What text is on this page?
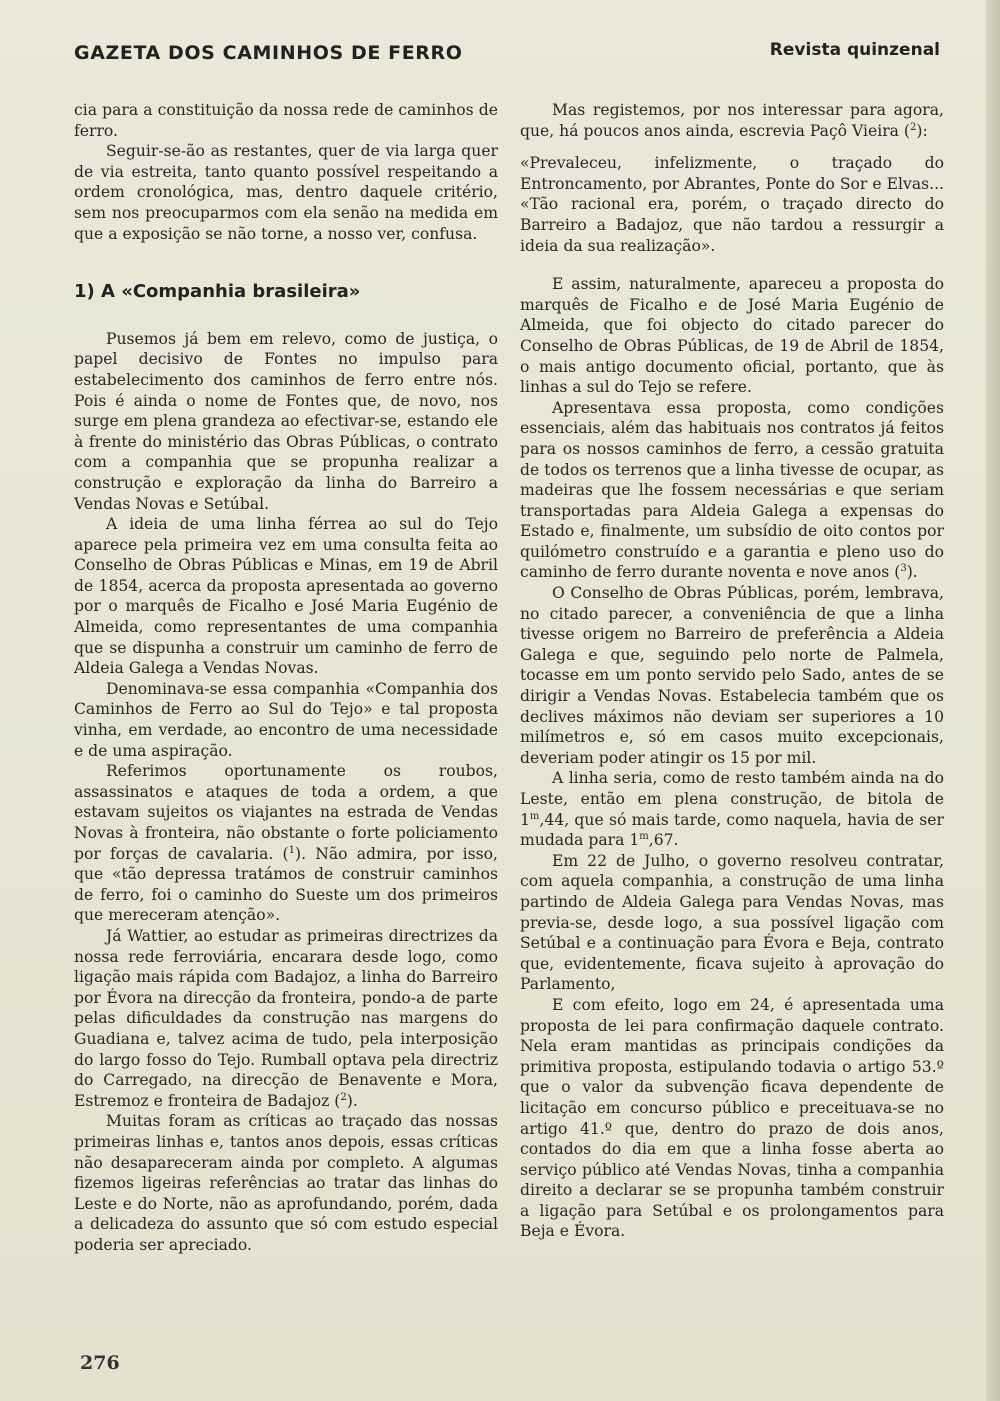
GAZETA DOS CAMINHOS DE FERRO	Revista quinzenal

cia para a constituição da nossa rede de caminhos de ferro.

Seguir-se-ão as restantes, quer de via larga quer de via estreita, tanto quanto possível respeitando a ordem cronológica, mas, dentro daquele critério, sem nos preocuparmos com ela senão na medida em que a exposição se não torne, a nosso ver, confusa.

1) A «Companhia brasileira»

Pusemos já bem em relevo, como de justiça, o papel decisivo de Fontes no impulso para estabelecimento dos caminhos de ferro entre nós. Pois é ainda o nome de Fontes que, de novo, nos surge em plena grandeza ao efectivar-se, estando ele à frente do ministério das Obras Públicas, o contrato com a companhia que se propunha realizar a construção e exploração da linha do Barreiro a Vendas Novas e Setúbal.

A ideia de uma linha férrea ao sul do Tejo aparece pela primeira vez em uma consulta feita ao Conselho de Obras Públicas e Minas, em 19 de Abril de 1854, acerca da proposta apresentada ao governo por o marquês de Ficalho e José Maria Eugénio de Almeida, como representantes de uma companhia que se dispunha a construir um caminho de ferro de Aldeia Galega a Vendas Novas.

Denominava-se essa companhia «Companhia dos Caminhos de Ferro ao Sul do Tejo» e tal proposta vinha, em verdade, ao encontro de uma necessidade e de uma aspiração.

Referimos oportunamente os roubos, assassinatos e ataques de toda a ordem, a que estavam sujeitos os viajantes na estrada de Vendas Novas à fronteira, não obstante o forte policiamento por forças de cavalaria. ($^1$). Não admira, por isso, que «tão depressa tratámos de construir caminhos de ferro, foi o caminho do Sueste um dos primeiros que mereceram atenção».

Já Wattier, ao estudar as primeiras directrizes da nossa rede ferroviária, encarara desde logo, como ligação mais rápida com Badajoz, a linha do Barreiro por Évora na direcção da fronteira, pondo-a de parte pelas dificuldades da construção nas margens do Guadiana e, talvez acima de tudo, pela interposição do largo fosso do Tejo. Rumball optava pela directriz do Carregado, na direcção de Benavente e Mora, Estremoz e fronteira de Badajoz ($^2$).

Muitas foram as críticas ao traçado das nossas primeiras linhas e, tantos anos depois, essas críticas não desapareceram ainda por completo. A algumas fizemos ligeiras referências ao tratar das linhas do Leste e do Norte, não as aprofundando, porém, dada a delicadeza do assunto que só com estudo especial poderia ser apreciado.

Mas registemos, por nos interessar para agora, que, há poucos anos ainda, escrevia Paçô Vieira ($^2$):

«Prevaleceu, infelizmente, o traçado do Entroncamento, por Abrantes, Ponte do Sor e Elvas... «Tão racional era, porém, o traçado directo do Barreiro a Badajoz, que não tardou a ressurgir a ideia da sua realização».

E assim, naturalmente, apareceu a proposta do marquês de Ficalho e de José Maria Eugénio de Almeida, que foi objecto do citado parecer do Conselho de Obras Públicas, de 19 de Abril de 1854, o mais antigo documento oficial, portanto, que às linhas a sul do Tejo se refere.

Apresentava essa proposta, como condições essenciais, além das habituais nos contratos já feitos para os nossos caminhos de ferro, a cessão gratuita de todos os terrenos que a linha tivesse de ocupar, as madeiras que lhe fossem necessárias e que seriam transportadas para Aldeia Galega a expensas do Estado e, finalmente, um subsídio de oito contos por quilómetro construído e a garantia e pleno uso do caminho de ferro durante noventa e nove anos ($^3$).

O Conselho de Obras Públicas, porém, lembrava, no citado parecer, a conveniência de que a linha tivesse origem no Barreiro de preferência a Aldeia Galega e que, seguindo pelo norte de Palmela, tocasse em um ponto servido pelo Sado, antes de se dirigir a Vendas Novas. Estabelecia também que os declives máximos não deviam ser superiores a 10 milímetros e, só em casos muito excepcionais, deveriam poder atingir os 15 por mil.

A linha seria, como de resto também ainda na do Leste, então em plena construção, de bitola de 1$^m$,44, que só mais tarde, como naquela, havia de ser mudada para 1$^m$,67.

Em 22 de Julho, o governo resolveu contratar, com aquela companhia, a construção de uma linha partindo de Aldeia Galega para Vendas Novas, mas previa-se, desde logo, a sua possível ligação com Setúbal e a continuação para Évora e Beja, contrato que, evidentemente, ficava sujeito à aprovação do Parlamento,

E com efeito, logo em 24, é apresentada uma proposta de lei para confirmação daquele contrato. Nela eram mantidas as principais condições da primitiva proposta, estipulando todavia o artigo 53.º que o valor da subvenção ficava dependente de licitação em concurso público e preceituava-se no artigo 41.º que, dentro do prazo de dois anos, contados do dia em que a linha fosse aberta ao serviço público até Vendas Novas, tinha a companhia direito a declarar se se propunha também construir a ligação para Setúbal e os prolongamentos para Beja e Évora.

276
